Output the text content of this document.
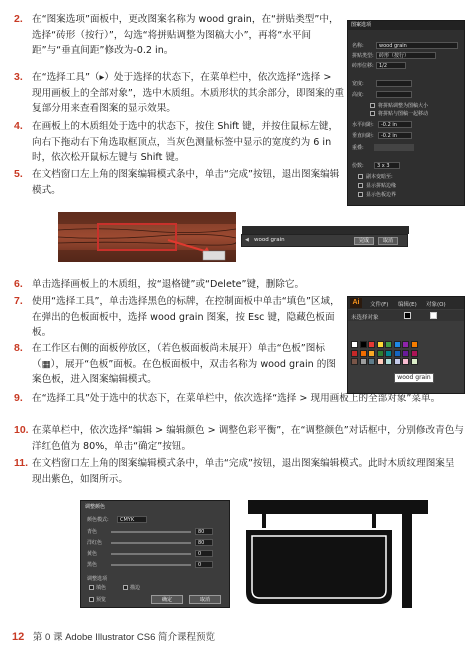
2. 在“图案选项”面板中，更改图案名称为 wood grain，在“拼贴类型”中，选择“砖形（按行）”，勾选“将拼贴调整为图稿大小”，再将“水平间距”与“垂直间距”修改为-0.2 in。
3. 在“选择工具”（▸）处于选择的状态下，在菜单栏中，依次选择“选择 > 现用画板上的全部对象”，选中木质组。木质形状的其余部分，即图案的重复部分用来查看图案的显示效果。
4. 在画板上的木质组处于选中的状态下，按住 Shift 键，并按住鼠标左键，向右下拖动右下角选取框顶点，当灰色测量标签中显示的宽度约为 6 in 时，依次松开鼠标左键与 Shift 键。
5. 在文档窗口左上角的图案编辑模式条中，单击“完成”按钮，退出图案编辑模式。
图案选项
名称:	wood grain
拼贴类型:	砖形（按行）
砖形位移:	1/2
宽度:
高度:
将拼贴调整为图稿大小
将拼贴与图稿一起移动
水平间距:	-0.2 in
垂直间距:	-0.2 in
重叠:
份数:	3 x 3
副本变暗至:
显示拼贴边缘
显示色板边界
◀ wood grain	完成	取消
6. 单击选择画板上的木质组，按“退格键”或“Delete”键，删除它。
7. 使用“选择工具”，单击选择黑色的标牌，在控制面板中单击“填色”区域，在弹出的色板面板中，选择 wood grain 图案，按 Esc 键，隐藏色板面板。
8. 在工作区右侧的面板停放区，（若色板面板尚未展开）单击“色板”图标（▦），展开“色板”面板。在色板面板中，双击名称为 wood grain 的图案色板，进入图案编辑模式。
Ai	文件(F) 编辑(E) 对象(O)
未选择对象
wood grain
9. 在“选择工具”处于选中的状态下，在菜单栏中，依次选择“选择 > 现用画板上的全部对象”菜单。
10. 在菜单栏中，依次选择“编辑 > 编辑颜色 > 调整色彩平衡”，在“调整颜色”对话框中，分别修改青色与洋红色值为 80%，单击“确定”按钮。
11. 在文档窗口左上角的图案编辑模式条中，单击“完成”按钮，退出图案编辑模式。此时木质纹理图案呈现出紫色，如图所示。
调整颜色
颜色模式:	CMYK
青色	80
洋红色	80
黄色	0
黑色	0
调整选项
填色	描边
预览	确定	取消
12 第 0 课 Adobe Illustrator CS6 简介课程预览
